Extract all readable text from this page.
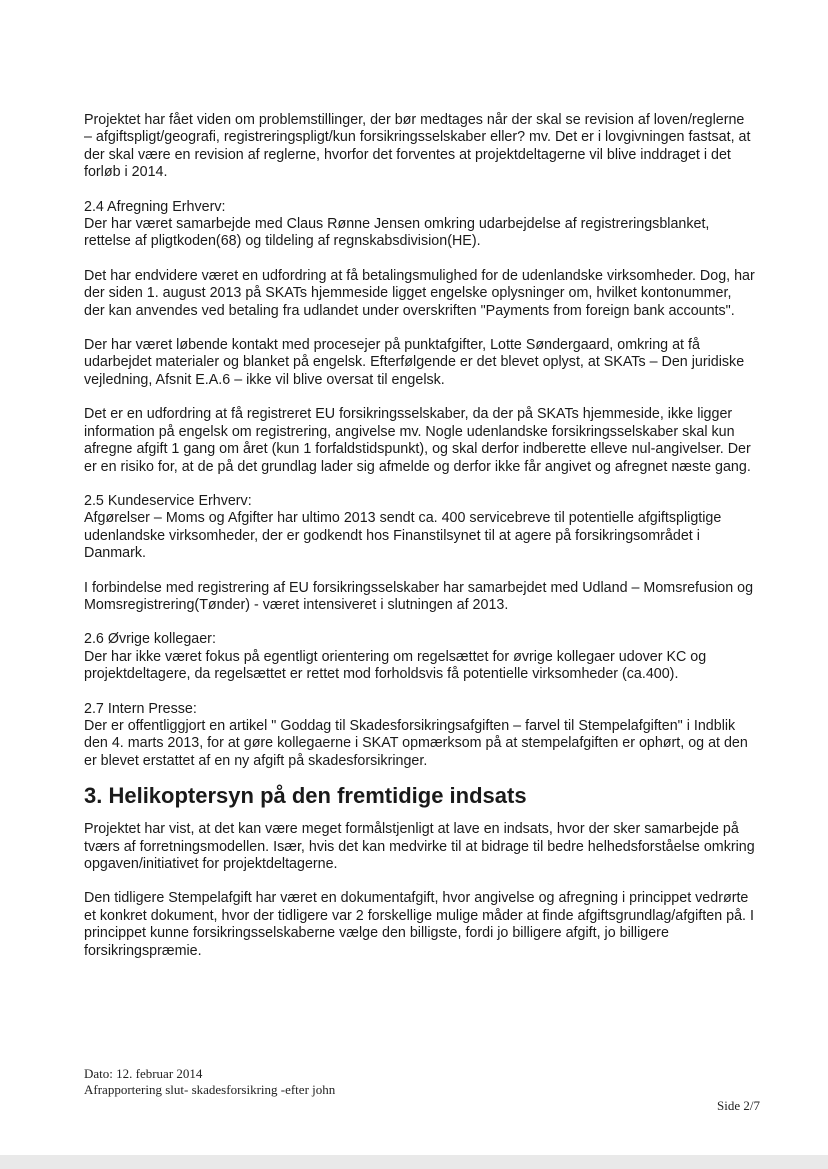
Projektet har fået viden om problemstillinger, der bør medtages når der skal se revision af loven/reglerne – afgiftspligt/geografi, registreringspligt/kun forsikringsselskaber eller? mv. Det er i lovgivningen fastsat, at der skal være en revision af reglerne, hvorfor det forventes at projektdeltagerne vil blive inddraget i det forløb i 2014.

2.4 Afregning Erhverv:

Der har været samarbejde med Claus Rønne Jensen omkring udarbejdelse af registreringsblanket, rettelse af pligtkoden(68) og tildeling af regnskabsdivision(HE).

Det har endvidere været en udfordring at få betalingsmulighed for de udenlandske virksomheder. Dog, har der siden 1. august 2013 på SKATs hjemmeside ligget engelske oplysninger om, hvilket kontonummer, der kan anvendes ved betaling fra udlandet under overskriften "Payments from foreign bank accounts".

Der har været løbende kontakt med procesejer på punktafgifter, Lotte Søndergaard, omkring at få udarbejdet materialer og blanket på engelsk. Efterfølgende er det blevet oplyst, at SKATs – Den juridiske vejledning, Afsnit E.A.6 – ikke vil blive oversat til engelsk.

Det er en udfordring at få registreret EU forsikringsselskaber, da der på SKATs hjemmeside, ikke ligger information på engelsk om registrering, angivelse mv. Nogle udenlandske forsikringsselskaber skal kun afregne afgift 1 gang om året (kun 1 forfaldstidspunkt), og skal derfor indberette elleve nul-angivelser. Der er en risiko for, at de på det grundlag lader sig afmelde og derfor ikke får angivet og afregnet næste gang.

2.5 Kundeservice Erhverv:

Afgørelser – Moms og Afgifter har ultimo 2013 sendt ca. 400 servicebreve til potentielle afgiftspligtige udenlandske virksomheder, der er godkendt hos Finanstilsynet til at agere på forsikringsområdet i Danmark.

I forbindelse med registrering af EU forsikringsselskaber har samarbejdet med Udland – Momsrefusion og Momsregistrering(Tønder) - været intensiveret i slutningen af 2013.

2.6 Øvrige kollegaer:

Der har ikke været fokus på egentligt orientering om regelsættet for øvrige kollegaer udover KC og projektdeltagere, da regelsættet er rettet mod forholdsvis få potentielle virksomheder (ca.400).

2.7 Intern Presse:

Der er offentliggjort en artikel " Goddag til Skadesforsikringsafgiften – farvel til Stempelafgiften" i Indblik den 4. marts 2013, for at gøre kollegaerne i SKAT opmærksom på at stempelafgiften er ophørt, og at den er blevet erstattet af en ny afgift på skadesforsikringer.

3. Helikoptersyn på den fremtidige indsats

Projektet har vist, at det kan være meget formålstjenligt at lave en indsats, hvor der sker samarbejde på tværs af forretningsmodellen. Især, hvis det kan medvirke til at bidrage til bedre helhedsforståelse omkring opgaven/initiativet for projektdeltagerne.

Den tidligere Stempelafgift har været en dokumentafgift, hvor angivelse og afregning i princippet vedrørte et konkret dokument, hvor der tidligere var 2 forskellige mulige måder at finde afgiftsgrundlag/afgiften på. I princippet kunne forsikringsselskaberne vælge den billigste, fordi jo billigere afgift, jo billigere forsikringspræmie.

Dato: 12. februar 2014
Afrapportering slut- skadesforsikring -efter john
Side 2/7
